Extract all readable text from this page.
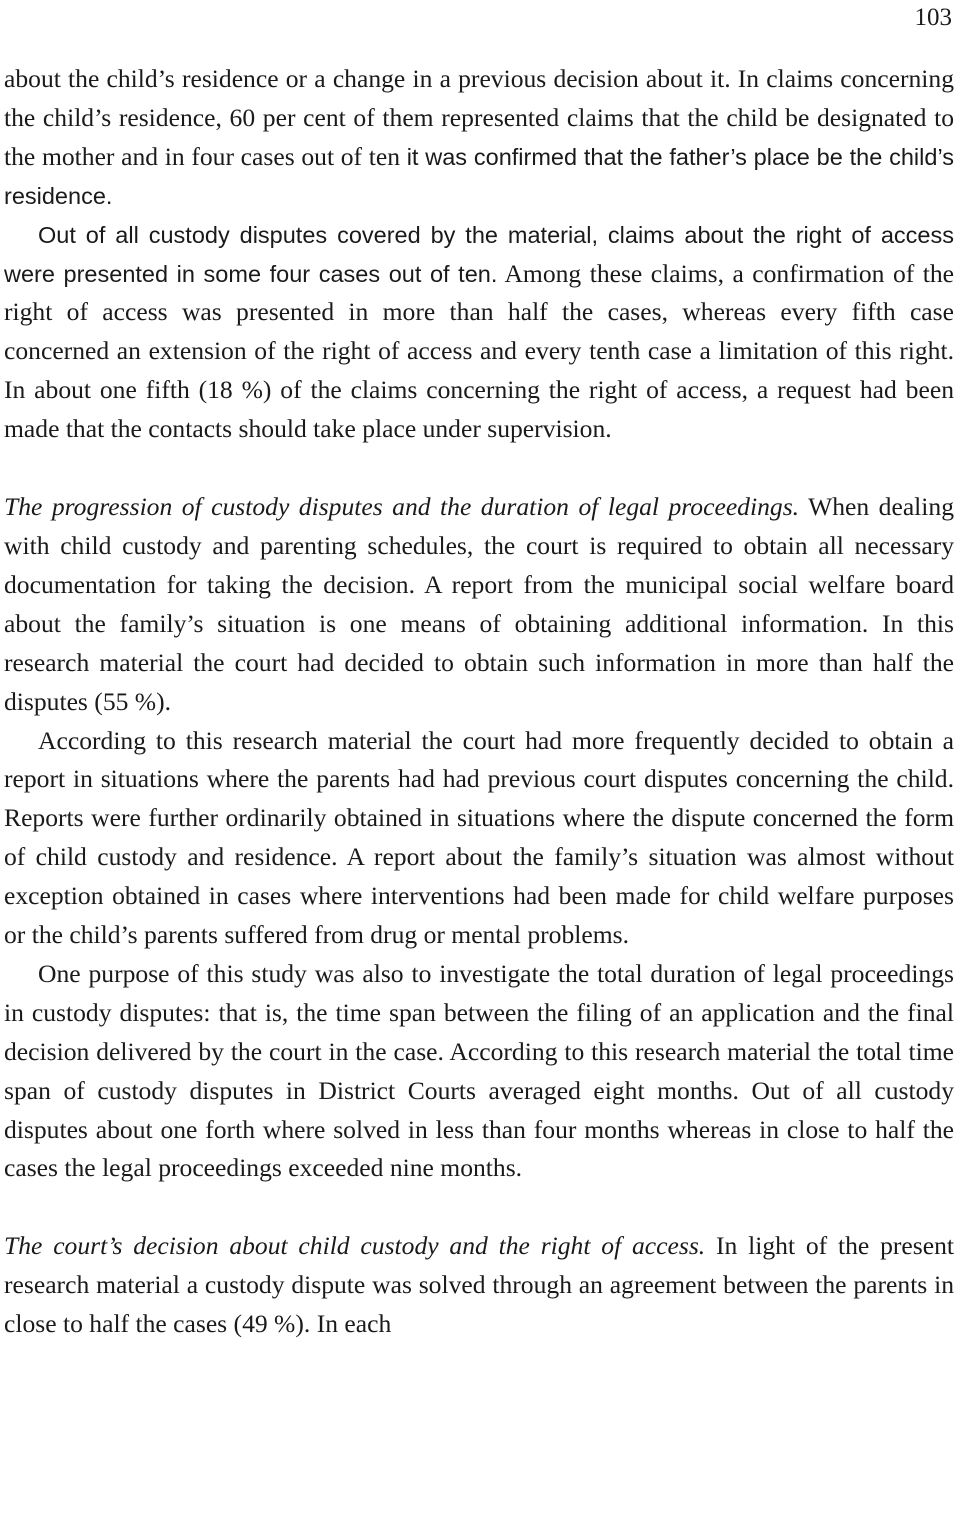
103

about the child’s residence or a change in a previous decision about it. In claims concerning the child’s residence, 60 per cent of them represented claims that the child be designated to the mother and in four cases out of ten it was confirmed that the father’s place be the child’s residence.

Out of all custody disputes covered by the material, claims about the right of access were presented in some four cases out of ten. Among these claims, a confirmation of the right of access was presented in more than half the cases, whereas every fifth case concerned an extension of the right of access and every tenth case a limitation of this right. In about one fifth (18 %) of the claims concerning the right of access, a request had been made that the contacts should take place under supervision.

The progression of custody disputes and the duration of legal proceedings. When dealing with child custody and parenting schedules, the court is required to obtain all necessary documentation for taking the decision. A report from the municipal social welfare board about the family’s situation is one means of obtaining additional information. In this research material the court had decided to obtain such information in more than half the disputes (55 %).

According to this research material the court had more frequently decided to obtain a report in situations where the parents had had previous court disputes concerning the child. Reports were further ordinarily obtained in situations where the dispute concerned the form of child custody and residence. A report about the family’s situation was almost without exception obtained in cases where interventions had been made for child welfare purposes or the child’s parents suffered from drug or mental problems.

One purpose of this study was also to investigate the total duration of legal proceedings in custody disputes: that is, the time span between the filing of an application and the final decision delivered by the court in the case. According to this research material the total time span of custody disputes in District Courts averaged eight months. Out of all custody disputes about one forth where solved in less than four months whereas in close to half the cases the legal proceedings exceeded nine months.

The court’s decision about child custody and the right of access. In light of the present research material a custody dispute was solved through an agreement between the parents in close to half the cases (49 %). In each
